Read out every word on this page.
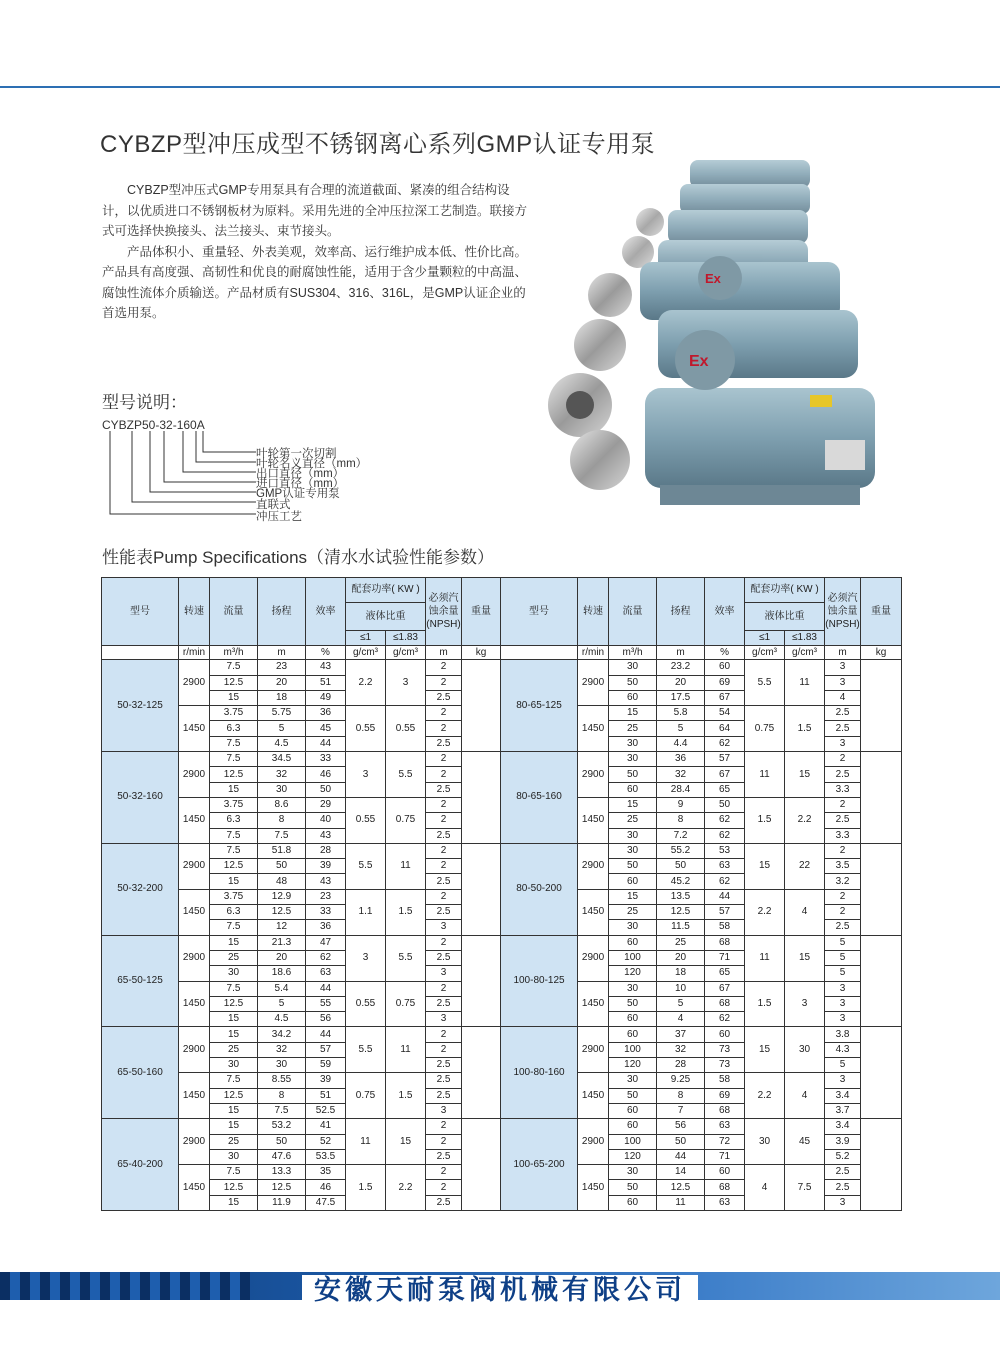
CYBZP型冲压成型不锈钢离心系列GMP认证专用泵

CYBZP型冲压式GMP专用泵具有合理的流道截面、紧凑的组合结构设计，以优质进口不锈钢板材为原料。采用先进的全冲压拉深工艺制造。联接方式可选择快换接头、法兰接头、束节接头。

产品体积小、重量轻、外表美观，效率高、运行维护成本低、性价比高。产品具有高度强、高韧性和优良的耐腐蚀性能，适用于含少量颗粒的中高温、腐蚀性流体介质输送。产品材质有SUS304、316、316L，是GMP认证企业的首选用泵。

Ex
Ex
型号说明：
CYBZP50-32-160A
叶轮第一次切割
叶轮名义直径（mm）
出口直径（mm）
进口直径（mm）
GMP认证专用泵
直联式
冲压工艺
性能表Pump Specifications（清水水试验性能参数）
型号	转速	流量	扬程	效率	配套功率( KW )		必须汽蚀余量(NPSH)	重量	型号	转速	流量	扬程	效率	配套功率( KW )		必须汽蚀余量(NPSH)	重量
					液体比重									液体比重			
					≤1	≤1.83								≤1	≤1.83		
	r/min	m³/h	m	%	g/cm³	g/cm³	m	kg		r/min	m³/h	m	%	g/cm³	g/cm³	m	kg
50-32-125	2900	7.5	23	43	2.2	3	2		80-65-125	2900	30	23.2	60	5.5	11	3	
		12.5	20	51			2				50	20	69			3	
		15	18	49			2.5				60	17.5	67			4	
	1450	3.75	5.75	36	0.55	0.55	2			1450	15	5.8	54	0.75	1.5	2.5	
		6.3	5	45			2				25	5	64			2.5	
		7.5	4.5	44			2.5				30	4.4	62			3	
50-32-160	2900	7.5	34.5	33	3	5.5	2		80-65-160	2900	30	36	57	11	15	2	
		12.5	32	46			2				50	32	67			2.5	
		15	30	50			2.5				60	28.4	65			3.3	
	1450	3.75	8.6	29	0.55	0.75	2			1450	15	9	50	1.5	2.2	2	
		6.3	8	40			2				25	8	62			2.5	
		7.5	7.5	43			2.5				30	7.2	62			3.3	
50-32-200	2900	7.5	51.8	28	5.5	11	2		80-50-200	2900	30	55.2	53	15	22	2	
		12.5	50	39			2				50	50	63			3.5	
		15	48	43			2.5				60	45.2	62			3.2	
	1450	3.75	12.9	23	1.1	1.5	2			1450	15	13.5	44	2.2	4	2	
		6.3	12.5	33			2.5				25	12.5	57			2	
		7.5	12	36			3				30	11.5	58			2.5	
65-50-125	2900	15	21.3	47	3	5.5	2		100-80-125	2900	60	25	68	11	15	5	
		25	20	62			2.5				100	20	71			5	
		30	18.6	63			3				120	18	65			5	
	1450	7.5	5.4	44	0.55	0.75	2			1450	30	10	67	1.5	3	3	
		12.5	5	55			2.5				50	5	68			3	
		15	4.5	56			3				60	4	62			3	
65-50-160	2900	15	34.2	44	5.5	11	2		100-80-160	2900	60	37	60	15	30	3.8	
		25	32	57			2				100	32	73			4.3	
		30	30	59			2.5				120	28	73			5	
	1450	7.5	8.55	39	0.75	1.5	2.5			1450	30	9.25	58	2.2	4	3	
		12.5	8	51			2.5				50	8	69			3.4	
		15	7.5	52.5			3				60	7	68			3.7	
65-40-200	2900	15	53.2	41	11	15	2		100-65-200	2900	60	56	63	30	45	3.4	
		25	50	52			2				100	50	72			3.9	
		30	47.6	53.5			2.5				120	44	71			5.2	
	1450	7.5	13.3	35	1.5	2.2	2			1450	30	14	60	4	7.5	2.5	
		12.5	12.5	46			2				50	12.5	68			2.5	
		15	11.9	47.5			2.5				60	11	63			3	
安徽天耐泵阀机械有限公司
